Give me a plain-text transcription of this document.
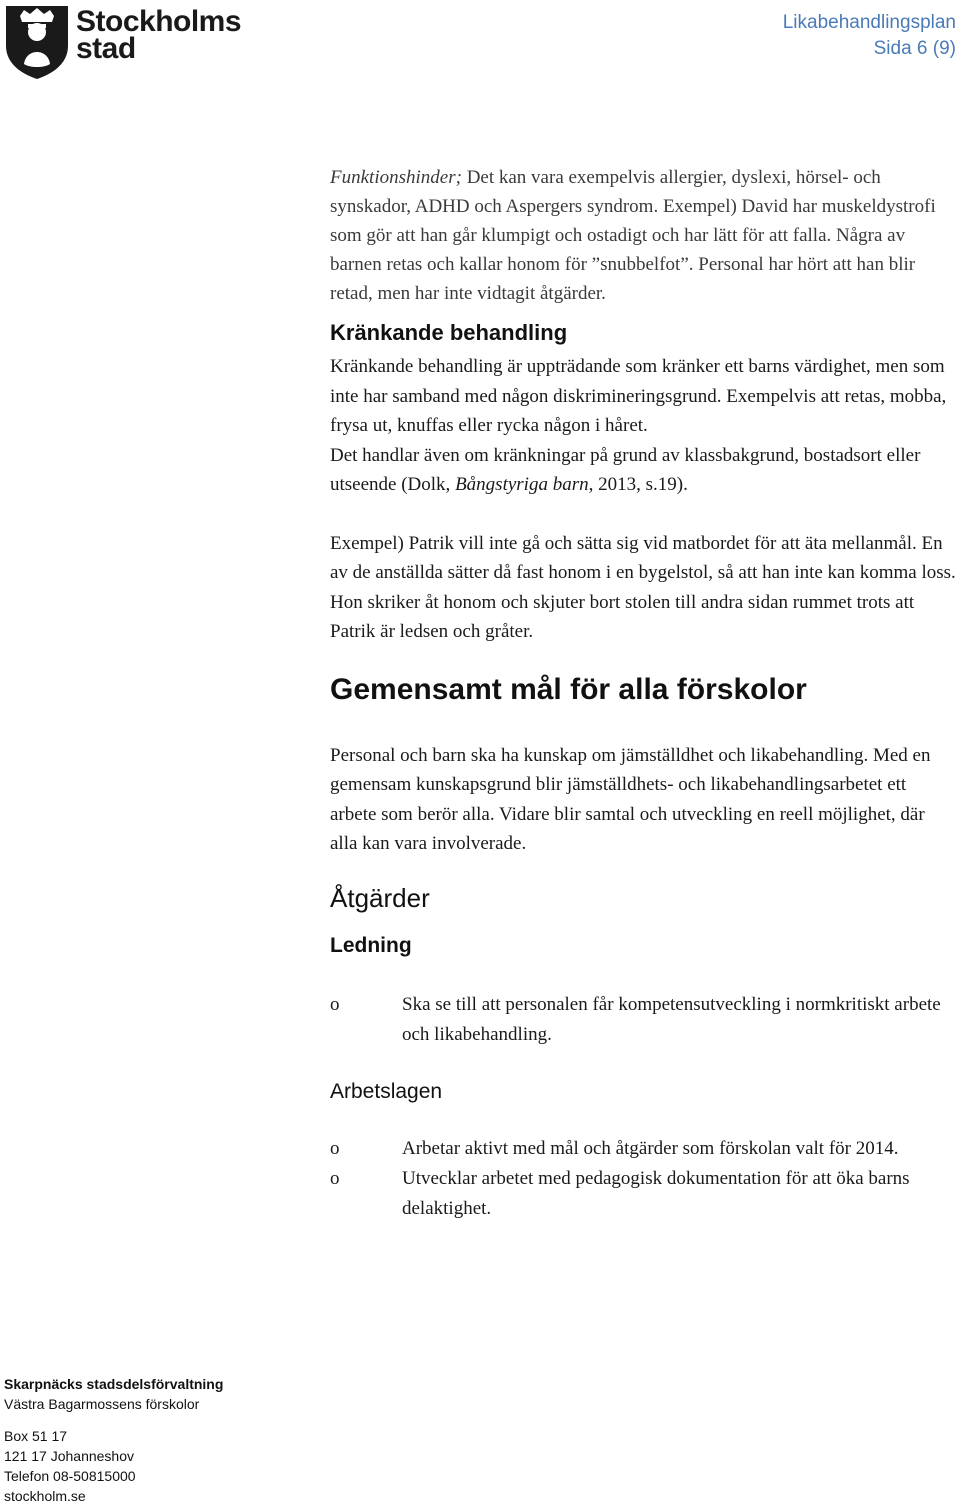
Stockholms
stad
Likabehandlingsplan
Sida 6 (9)

Funktionshinder; Det kan vara exempelvis allergier, dyslexi, hörsel- och synskador, ADHD och Aspergers syndrom. Exempel) David har muskeldystrofi som gör att han går klumpigt och ostadigt och har lätt för att falla. Några av barnen retas och kallar honom för ”snubbelfot”. Personal har hört att han blir retad, men har inte vidtagit åtgärder.

Kränkande behandling

Kränkande behandling är uppträdande som kränker ett barns värdighet, men som inte har samband med någon diskrimineringsgrund. Exempelvis att retas, mobba, frysa ut, knuffas eller rycka någon i håret.

Det handlar även om kränkningar på grund av klassbakgrund, bostadsort eller utseende (Dolk, Bångstyriga barn, 2013, s.19).

Exempel) Patrik vill inte gå och sätta sig vid matbordet för att äta mellanmål. En av de anställda sätter då fast honom i en bygelstol, så att han inte kan komma loss. Hon skriker åt honom och skjuter bort stolen till andra sidan rummet trots att Patrik är ledsen och gråter.

Gemensamt mål för alla förskolor

Personal och barn ska ha kunskap om jämställdhet och likabehandling. Med en gemensam kunskapsgrund blir jämställdhets- och likabehandlingsarbetet ett arbete som berör alla. Vidare blir samtal och utveckling en reell möjlighet, där alla kan vara involverade.

Åtgärder
Ledning
o	Ska se till att personalen får kompetensutveckling i normkritiskt arbete och likabehandling.
Arbetslagen
o	Arbetar aktivt med mål och åtgärder som förskolan valt för 2014.
o	Utvecklar arbetet med pedagogisk dokumentation för att öka barns delaktighet.
Skarpnäcks stadsdelsförvaltning
Västra Bagarmossens förskolor
Box 51 17
121 17 Johanneshov
Telefon 08-50815000
stockholm.se
